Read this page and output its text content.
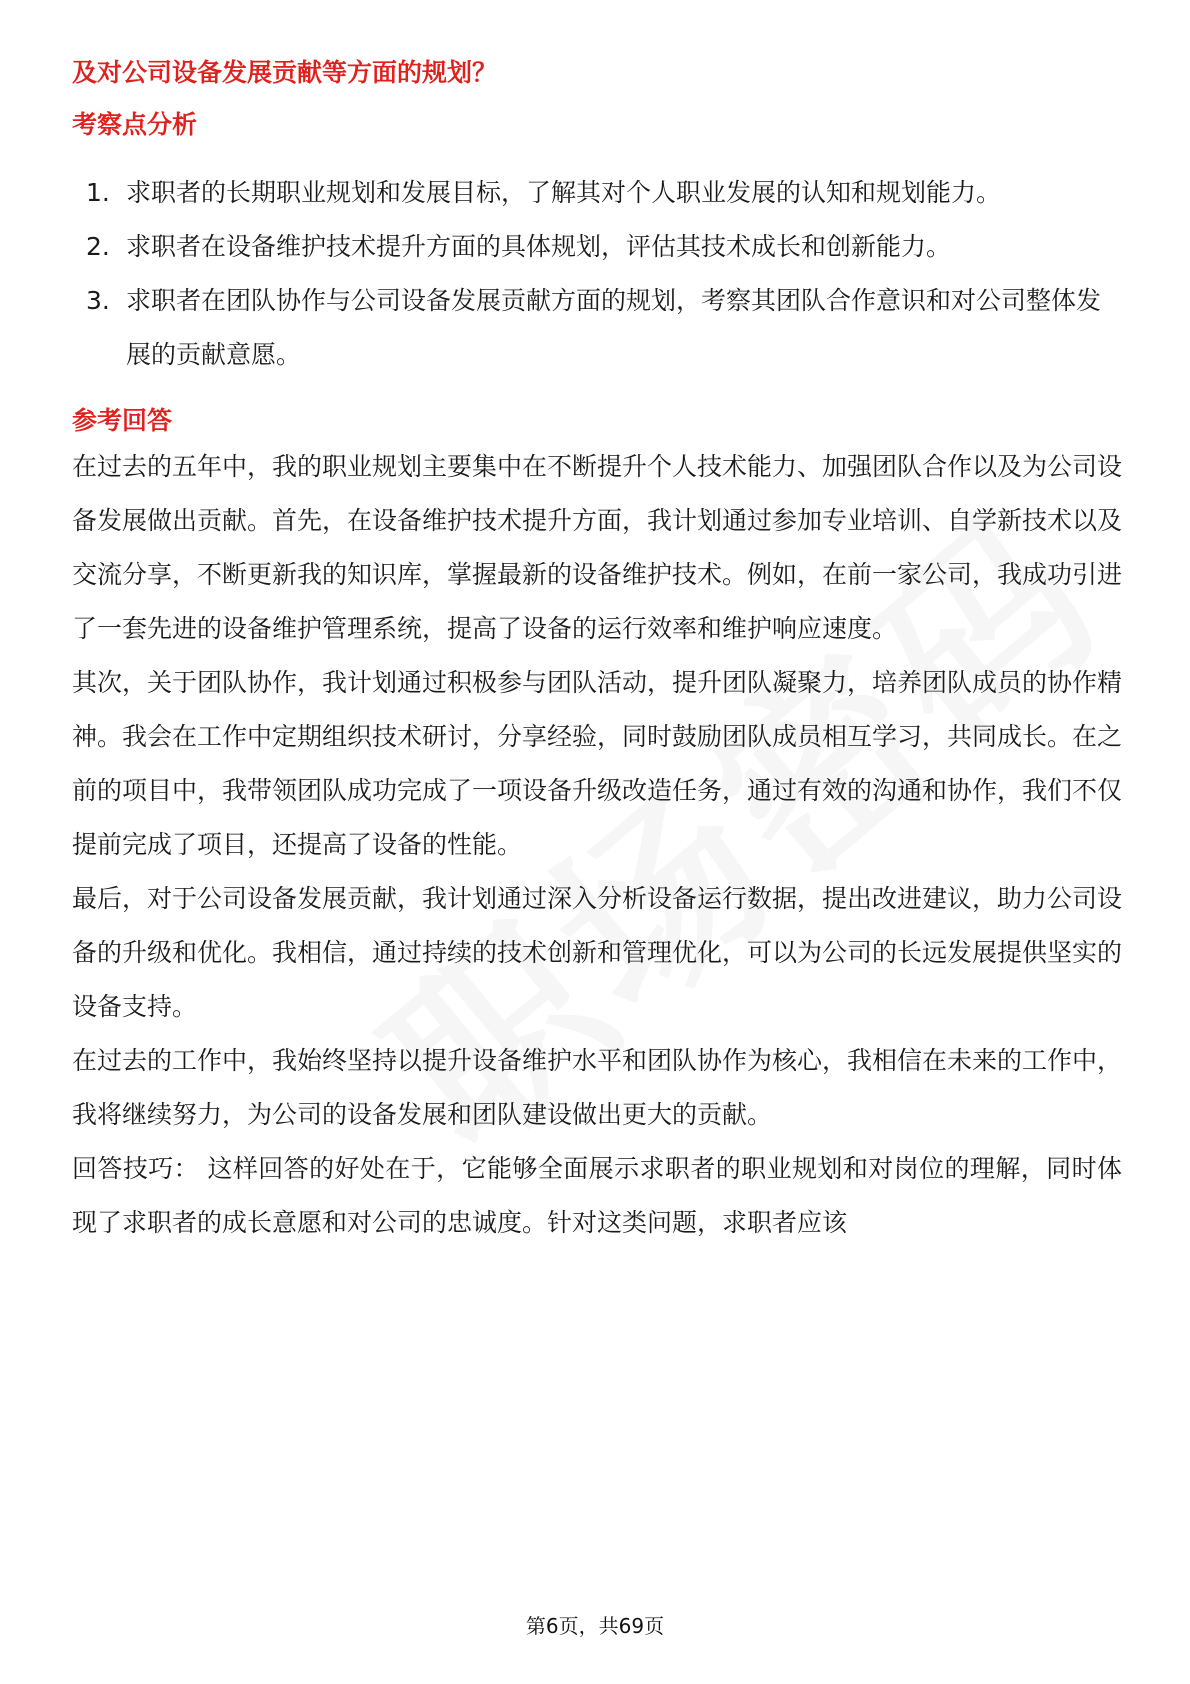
及对公司设备发展贡献等方面的规划？
考察点分析
1. 求职者的长期职业规划和发展目标，了解其对个人职业发展的认知和规划能力。
2. 求职者在设备维护技术提升方面的具体规划，评估其技术成长和创新能力。
3. 求职者在团队协作与公司设备发展贡献方面的规划，考察其团队合作意识和对公司整体发展的贡献意愿。
参考回答

在过去的五年中，我的职业规划主要集中在不断提升个人技术能力、加强团队合作以及为公司设备发展做出贡献。首先，在设备维护技术提升方面，我计划通过参加专业培训、自学新技术以及交流分享，不断更新我的知识库，掌握最新的设备维护技术。例如，在前一家公司，我成功引进了一套先进的设备维护管理系统，提高了设备的运行效率和维护响应速度。

其次，关于团队协作，我计划通过积极参与团队活动，提升团队凝聚力，培养团队成员的协作精神。我会在工作中定期组织技术研讨，分享经验，同时鼓励团队成员相互学习，共同成长。在之前的项目中，我带领团队成功完成了一项设备升级改造任务，通过有效的沟通和协作，我们不仅提前完成了项目，还提高了设备的性能。

最后，对于公司设备发展贡献，我计划通过深入分析设备运行数据，提出改进建议，助力公司设备的升级和优化。我相信，通过持续的技术创新和管理优化，可以为公司的长远发展提供坚实的设备支持。

在过去的工作中，我始终坚持以提升设备维护水平和团队协作为核心，我相信在未来的工作中，我将继续努力，为公司的设备发展和团队建设做出更大的贡献。

回答技巧： 这样回答的好处在于，它能够全面展示求职者的职业规划和对岗位的理解，同时体现了求职者的成长意愿和对公司的忠诚度。针对这类问题，求职者应该

第6页，共69页
